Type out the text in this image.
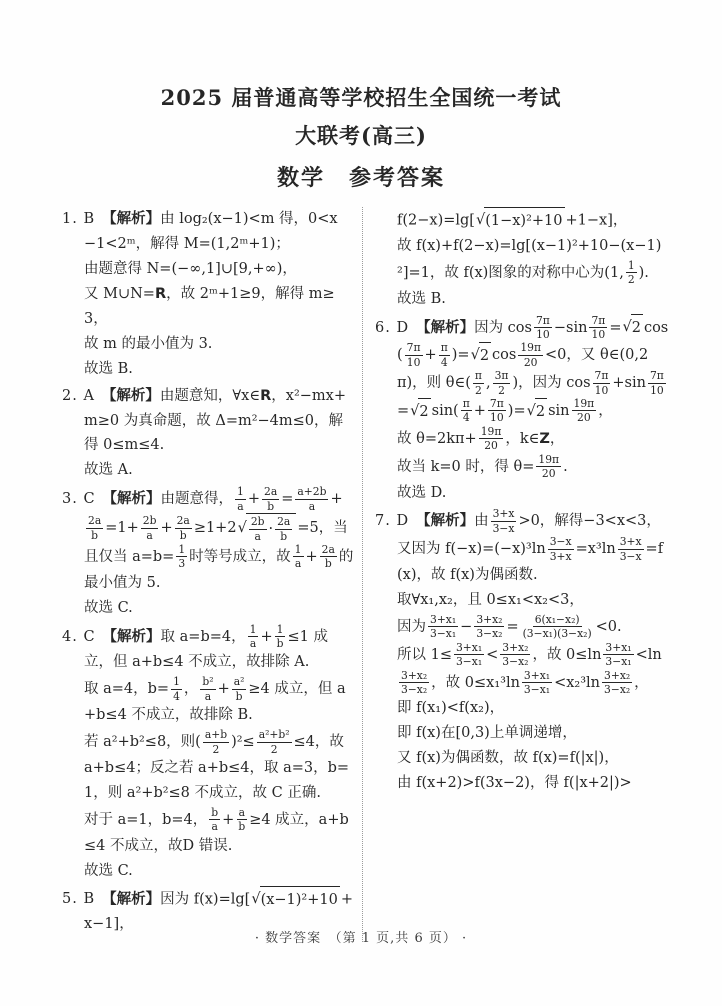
2025 届普通高等学校招生全国统一考试
大联考(高三)
数学　参考答案
1. B 【解析】由 log₂(x−1)<m 得，0<x−1<2ᵐ，解得 M=(1,2ᵐ+1)；
由题意得 N=(−∞,1]∪[9,+∞)，
又 M∪N=R，故 2ᵐ+1≥9，解得 m≥3，
故 m 的最小值为 3.
故选 B.
2. A 【解析】由题意知，∀x∈R，x²−mx+m≥0 为真命题，故 Δ=m²−4m≤0，解得 0≤m≤4.
故选 A.
3. C 【解析】由题意得， $\frac{1}{a} + \frac{2a}{b} = \frac{a+2b}{a}$ +
$\frac{2a}{b} =1+ \frac{2b}{a} + \frac{2a}{b} \ge 1+2$ √ $\frac{2b}{a} \cdot \frac{2a}{b} =5$，当且仅当 $a=b= \frac{1}{3}$ 时等号成立，故 $\frac{1}{a} + \frac{2a}{b}$ 的最小值为 5.
故选 C.
4. C 【解析】取 a=b=4， $\frac{1}{a} + \frac{1}{b} \le 1$ 成立，但 a+b≤4 不成立，故排除 A.
取 a=4，$b= \frac{1}{4}$ ， $\frac{\text{b²}}{a} + \frac{\text{a²}}{b} \ge 4$ 成立，但 a+b≤4 不成立，故排除 B.
若 a²+b²≤8，则( $\frac{a+b}{2} )^2\le \frac{\text{a²+b²}}{2} \le 4$，故 a+b≤4；反之若 a+b≤4，取 a=3，b=1，则 a²+b²≤8 不成立，故 C 正确.
对于 a=1，b=4， $\frac{b}{a} + \frac{a}{b} \ge 4$ 成立，a+b≤4 不成立，故D 错误.
故选 C.
5. B 【解析】因为 f(x)=lg[ √ (x−1)²+10 +x−1]，
f(2−x)=lg[ √ (1−x)²+10 +1−x]，
故 f(x)+f(2−x)=lg[(x−1)²+10−(x−1)²]=1，故 f(x)图象的对称中心为(1, $\frac{1}{2}$ ).
故选 B.
6. D 【解析】因为 $\cos \frac{7\pi}{10} -\sin \frac{7\pi}{10}$ = √ 2 $\cos( \frac{7\pi}{10} + \frac{\pi}{4}$ )= √ 2 $\cos \frac{19\pi}{20} <0$，又 θ∈(0,2π)，则 θ∈( $\frac{\pi}{2}$ , $\frac{3\pi}{2}$ )，因为 $\cos \frac{7\pi}{10} +\sin \frac{7\pi}{10}$
= √ 2 $\sin( \frac{\pi}{4} + \frac{7\pi}{10}$ )= √ 2 $\sin \frac{19\pi}{20}$ ，
故 $\theta=2k\pi+ \frac{19\pi}{20}$ ，k∈Z，
故当 k=0 时，得 $\theta= \frac{19\pi}{20}$ .
故选 D.
7. D 【解析】由 $\frac{3+x}{3-x} >0$，解得−3<x<3，又因为 $f(-x)=(-x)^3\ln \frac{3-x}{3+x} =x^3\ln \frac{3+x}{3-x} =f(x)$，故 f(x)为偶函数.
取∀x₁,x₂，且 0≤x₁<x₂<3，
因为 $\frac{\text{3+x₁}}{\text{3−x₁}} - \frac{\text{3+x₂}}{\text{3−x₂}} = \frac{\text{6(x₁−x₂)}}{\text{(3−x₁)(3−x₂)}} <0$.
所以 $1\le \frac{\text{3+x₁}}{\text{3−x₁}} < \frac{\text{3+x₂}}{\text{3−x₂}}$ ，故 $0\le\ln \frac{\text{3+x₁}}{\text{3−x₁}} <\ln$
$\frac{\text{3+x₂}}{\text{3−x₂}}$ ，故 $0\le x_1^3\ln \frac{\text{3+x₁}}{\text{3−x₁}} <x_2^3\ln \frac{\text{3+x₂}}{\text{3−x₂}}$ ，
即 f(x₁)<f(x₂)，
即 f(x)在[0,3)上单调递增，
又 f(x)为偶函数，故 f(x)=f(|x|)，
由 f(x+2)>f(3x−2)，得 f(|x+2|)>
· 数学答案　（第 1 页,共 6 页） ·
